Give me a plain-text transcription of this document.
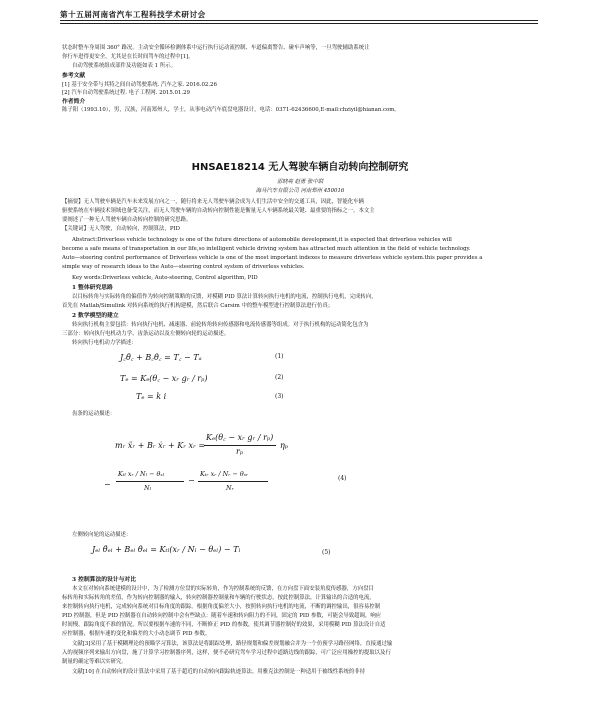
第十五届河南省汽车工程科技学术研讨会
状态时整车身周围 360° 路况。主动安全循环检测体系中运行执行运动流控制、车道偏离警告、碰车声响等，一旦驾驶辅助系统让
你行车进得更安全，尤其是在长时间驾车的过程中[1]。
自动驾驶系统组成部件及功能如表 1 所示。
参考文献
[1] 基于安全带与其特之间自动驾驶系统. 汽车之家. 2016.02.26
[2] 汽车自动驾驶系统过程. 电子工程网. 2015.01.29
作者简介
陈子阳（1993.10），男，汉族，河南郑州人，学士，从事电动汽车底盘电器设计，电话：0371-62436600,E-mail:chziyil@hianan.com。
HNSAE18214 无人驾驶车辆自动转向控制研究
雷晓亮 赵勇 张中联
海马汽车有限公司 河南郑州 450016
【摘要】无人驾驶车辆是汽车未来发展方向之一，随行将来无人驾驶车辆会成为人们生活中安全的交通工具，因此，智能化车辆
驱驶系统在车辆技术领域也备受关注，而无人驾驶车辆的自动转向控制性能是衡量无人车辆系统最关键、最重要的指标之一。本文主
要阐述了一种无人驾驶车辆自动转向控制的研究思路。
【关键词】无人驾驶，自动转向，控制算法，PID
Abstract:Driverless vehicle technology is one of the future directions of automobile development,it is expected that driverless vehicles will
become a safe means of transportation in our life,so intelligent vehicle driving system has attracted much attention in the field of vehicle technology.
Auto—steering control performance of Driverless vehicle is one of the most important indexes to measure driverless vehicle system.this paper provides a
simple way of research ideas to the Auto—steering control system of driverless vehicles.
Key words:Driverless vehicle, Auto-steering, Control algorithm, PID
1 整体研究思路
以目标转角与实际转角的偏值作为转向控制策略的反馈，对模糊 PID 算法计算转向执行电机的电流，控制执行电机，完成转向，
首先在 Matlab/Simulink 对转向系统的执行机构建模，然后联合 Carsim 中的整车模型进行控制算法进行仿真；
2 数学模型的建立
转向执行机构主要包括：转向执行电机、减速器、前轮转角转向传感器和电流传感器等组成。对于执行机构的运动简化包含为
三部分：转向执行电机动力学、齿条运动以及左侧转向轮的运动描述。
转向执行电机动力学描述：
J꜀θ̈꜀ + B꜀θ̇꜀ = T꜀ − Tₐ	(1)
Tₑ = Kₑ(θ꜀ − xᵣ gᵣ / rₚ)	(2)
Tₑ = k i	(3)
齿条的运动描述：
mᵣ ẍᵣ + Bᵣ ẋᵣ + Kᵣ xᵣ =
Kₑ(θ꜀ − xᵣ gᵣ / rₚ)
rₚ
ηₚ
−
Kₜₗ xᵣ / Nₗ − θₓₗ
Nₗ
−
Kₜᵣ xᵣ / Nᵣ − θₓᵣ
Nᵣ
(4)
左侧转向轮的运动描述：
Jₑₗ θ̈ₑₗ + Bₑₗ θ̇ₑₗ = Kₜₗ(xᵣ / Nₗ − θₑₗ) − Tₗ	(5)
3 控制算法的设计与对比
本文在对转向系统建模的设计中，为了检测方位盘的实际转角，作为控制系统的反馈，在方向盘下面安装角度传感器，方向盘目
标转角和实际转角的差值，作为转向控制器的输入，转向控制器控制量和车辆的行驶状态，按此控制算法，计算输出的合适的电流，
来控制转向执行电机，完成转向系统对目标角度的跟踪。根据角度偏差大小，按照转向执行电机的电流，不断的调控输出，很容易控制
PID 控制器，但是 PID 控制器在自动转向控制中会有些缺点：随着车速和转向阻力的不同，固定的 PID 参数，可能会导致超调，响应
时间慢，跟踪角度不准的情况，所以要根据车速的不同，不断修正 PID 的参数，使其调节器控制好的效果，采用模糊 PID 算法设计自适
应控制器，根据车速的变化和偏差的大小动态调节 PID 参数。
文献[3]采用了基于模糊理论的预瞄学习算法，该算法是将跟踪处理，路径规划和偏差规划融合并为一个仿预学习路径网络，直接通过输
入的视频序列来输出方向盘，施了计算学习控制器序列，这样，便不必研究驾车学习过程中道路边线的跟踪，可广泛应用操控的提取以及行
制量的确定等难以实研究。
文献[10] 在自动转向的设计算法中采用了基于超近的自动转向跟踪轨迹算法。用雅克法控制是一种适用于被线性系统的非持
